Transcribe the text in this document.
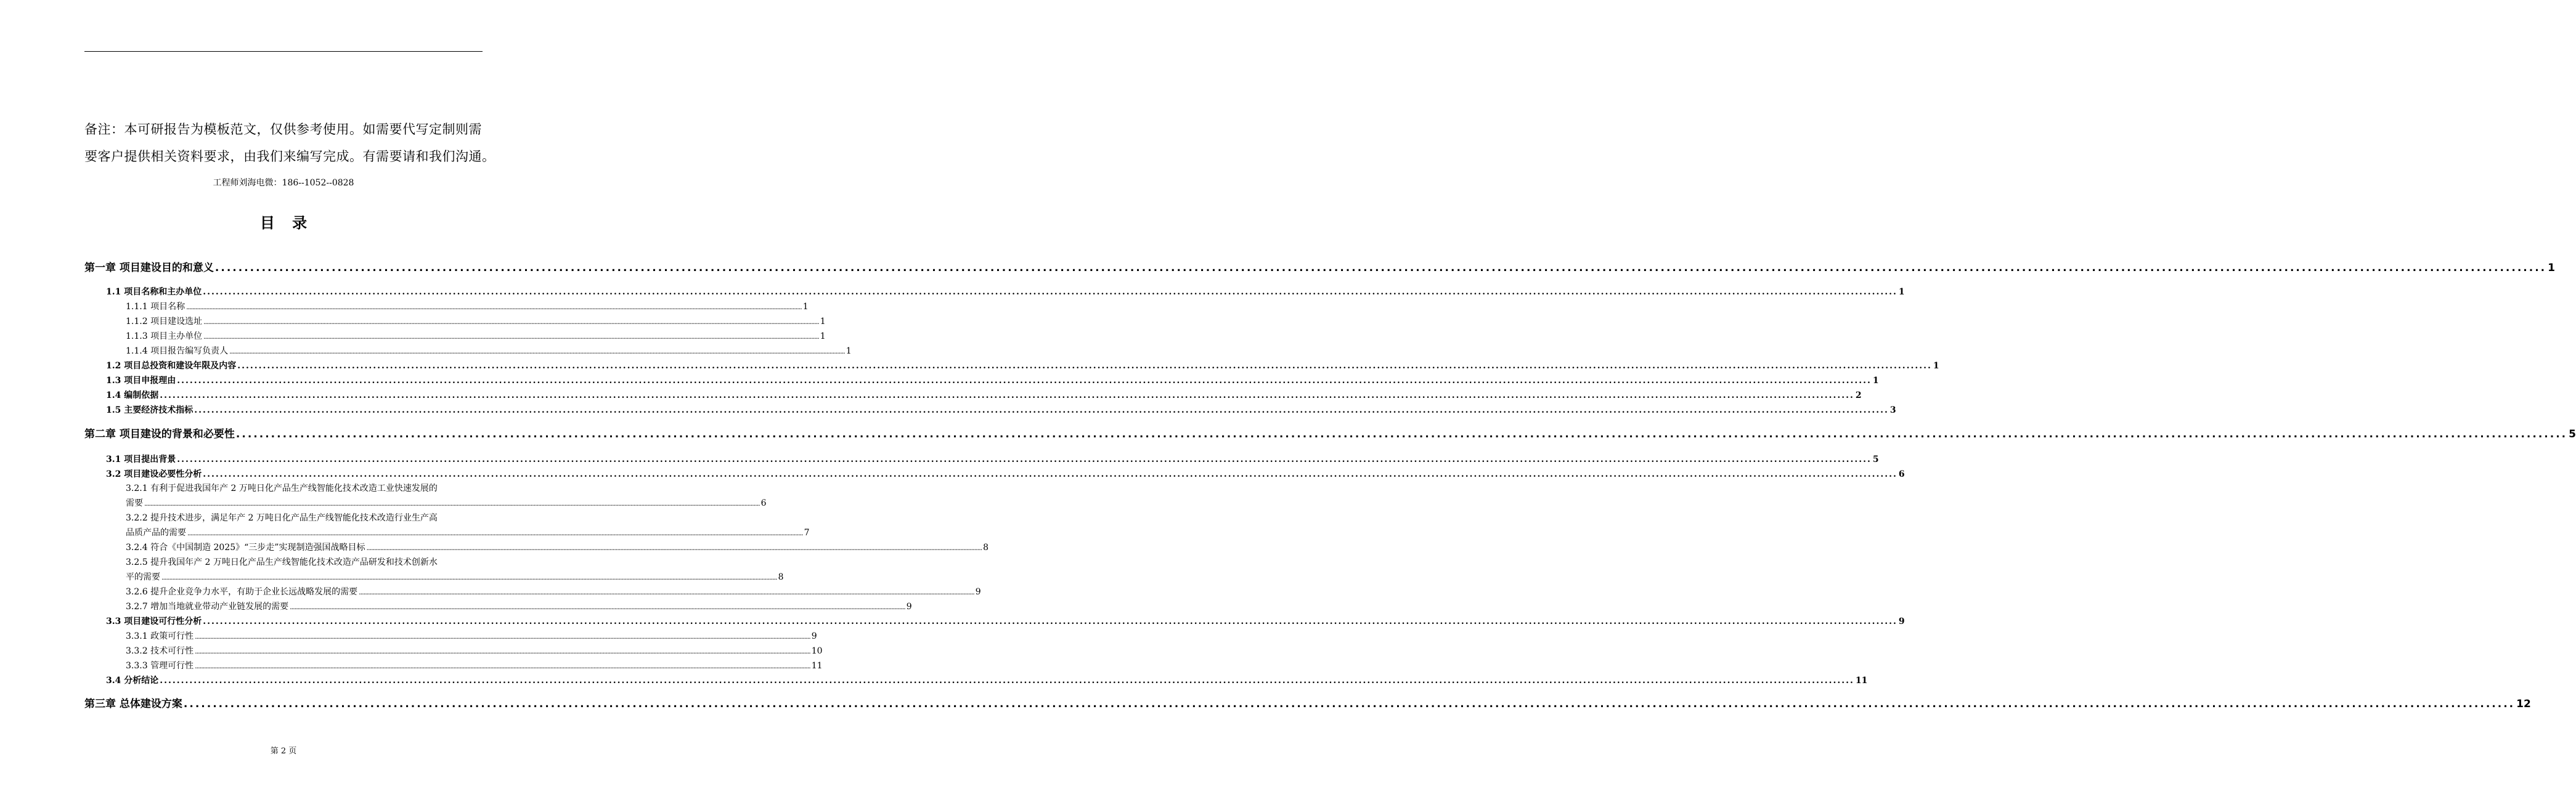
备注：本可研报告为模板范文，仅供参考使用。如需要代写定制则需

要客户提供相关资料要求，由我们来编写完成。有需要请和我们沟通。

工程师刘海电微：186--1052--0828
目 录
第一章 项目建设目的和意义 ................................................................................................................................................................................................................................................................................................................................................................................................................ 1
1.1 项目名称和主办单位 ................................................................................................................................................................................................................................................................................................................................................................................................................ 1
1.1.1 项目名称 ................................................................................................................................................................................................................................................................................................................................................................................................................ 1
1.1.2 项目建设选址 ................................................................................................................................................................................................................................................................................................................................................................................................................ 1
1.1.3 项目主办单位 ................................................................................................................................................................................................................................................................................................................................................................................................................ 1
1.1.4 项目报告编写负责人 ................................................................................................................................................................................................................................................................................................................................................................................................................ 1
1.2 项目总投资和建设年限及内容 ................................................................................................................................................................................................................................................................................................................................................................................................................ 1
1.3 项目申报理由 ................................................................................................................................................................................................................................................................................................................................................................................................................ 1
1.4 编制依据 ................................................................................................................................................................................................................................................................................................................................................................................................................ 2
1.5 主要经济技术指标 ................................................................................................................................................................................................................................................................................................................................................................................................................ 3
第二章 项目建设的背景和必要性 ................................................................................................................................................................................................................................................................................................................................................................................................................ 5
3.1 项目提出背景 ................................................................................................................................................................................................................................................................................................................................................................................................................ 5
3.2 项目建设必要性分析 ................................................................................................................................................................................................................................................................................................................................................................................................................ 6
3.2.1 有利于促进我国年产 2 万吨日化产品生产线智能化技术改造工业快速发展的
需要 ................................................................................................................................................................................................................................................................................................................................................................................................................ 6
3.2.2 提升技术进步，满足年产 2 万吨日化产品生产线智能化技术改造行业生产高
品质产品的需要 ................................................................................................................................................................................................................................................................................................................................................................................................................ 7
3.2.4 符合《中国制造 2025》“三步走”实现制造强国战略目标 ................................................................................................................................................................................................................................................................................................................................................................................................................ 8
3.2.5 提升我国年产 2 万吨日化产品生产线智能化技术改造产品研发和技术创新水
平的需要 ................................................................................................................................................................................................................................................................................................................................................................................................................ 8
3.2.6 提升企业竞争力水平，有助于企业长远战略发展的需要 ................................................................................................................................................................................................................................................................................................................................................................................................................ 9
3.2.7 增加当地就业带动产业链发展的需要 ................................................................................................................................................................................................................................................................................................................................................................................................................ 9
3.3 项目建设可行性分析 ................................................................................................................................................................................................................................................................................................................................................................................................................ 9
3.3.1 政策可行性 ................................................................................................................................................................................................................................................................................................................................................................................................................ 9
3.3.2 技术可行性 ................................................................................................................................................................................................................................................................................................................................................................................................................ 10
3.3.3 管理可行性 ................................................................................................................................................................................................................................................................................................................................................................................................................ 11
3.4 分析结论 ................................................................................................................................................................................................................................................................................................................................................................................................................ 11
第三章 总体建设方案 ................................................................................................................................................................................................................................................................................................................................................................................................................ 12
第 2 页
